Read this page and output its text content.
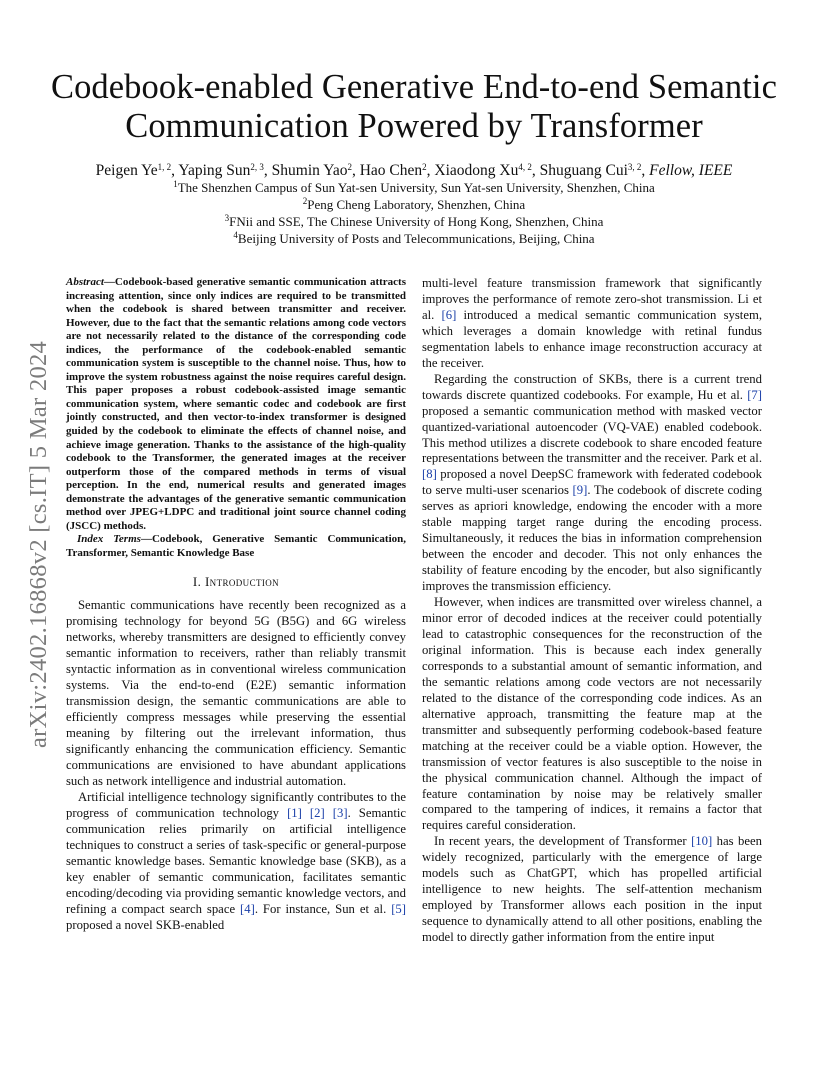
arXiv:2402.16868v2 [cs.IT] 5 Mar 2024
Codebook-enabled Generative End-to-end Semantic
Communication Powered by Transformer
Peigen Ye$^{1, 2}$, Yaping Sun$^{2, 3}$, Shumin Yao$^2$, Hao Chen$^2$, Xiaodong Xu$^{4, 2}$, Shuguang Cui$^{3, 2}$, Fellow, IEEE
$^1$The Shenzhen Campus of Sun Yat-sen University, Sun Yat-sen University, Shenzhen, China
$^2$Peng Cheng Laboratory, Shenzhen, China
$^3$FNii and SSE, The Chinese University of Hong Kong, Shenzhen, China
$^4$Beijing University of Posts and Telecommunications, Beijing, China

Abstract—Codebook-based generative semantic communication attracts increasing attention, since only indices are required to be transmitted when the codebook is shared between transmitter and receiver. However, due to the fact that the semantic relations among code vectors are not necessarily related to the distance of the corresponding code indices, the performance of the codebook-enabled semantic communication system is susceptible to the channel noise. Thus, how to improve the system robustness against the noise requires careful design. This paper proposes a robust codebook-assisted image semantic communication system, where semantic codec and codebook are first jointly constructed, and then vector-to-index transformer is designed guided by the codebook to eliminate the effects of channel noise, and achieve image generation. Thanks to the assistance of the high-quality codebook to the Transformer, the generated images at the receiver outperform those of the compared methods in terms of visual perception. In the end, numerical results and generated images demonstrate the advantages of the generative semantic communication method over JPEG+LDPC and traditional joint source channel coding (JSCC) methods.

Index Terms—Codebook, Generative Semantic Communication, Transformer, Semantic Knowledge Base

I. Introduction

Semantic communications have recently been recognized as a promising technology for beyond 5G (B5G) and 6G wireless networks, whereby transmitters are designed to efficiently convey semantic information to receivers, rather than reliably transmit syntactic information as in conventional wireless communication systems. Via the end-to-end (E2E) semantic information transmission design, the semantic communications are able to efficiently compress messages while preserving the essential meaning by filtering out the irrelevant information, thus significantly enhancing the communication efficiency. Semantic communications are envisioned to have abundant applications such as network intelligence and industrial automation.

Artificial intelligence technology significantly contributes to the progress of communication technology [1] [2] [3]. Semantic communication relies primarily on artificial intelligence techniques to construct a series of task-specific or general-purpose semantic knowledge bases. Semantic knowledge base (SKB), as a key enabler of semantic communication, facilitates semantic encoding/decoding via providing semantic knowledge vectors, and refining a compact search space [4]. For instance, Sun et al. [5] proposed a novel SKB-enabled

multi-level feature transmission framework that significantly improves the performance of remote zero-shot transmission. Li et al. [6] introduced a medical semantic communication system, which leverages a domain knowledge with retinal fundus segmentation labels to enhance image reconstruction accuracy at the receiver.

Regarding the construction of SKBs, there is a current trend towards discrete quantized codebooks. For example, Hu et al. [7] proposed a semantic communication method with masked vector quantized-variational autoencoder (VQ-VAE) enabled codebook. This method utilizes a discrete codebook to share encoded feature representations between the transmitter and the receiver. Park et al. [8] proposed a novel DeepSC framework with federated codebook to serve multi-user scenarios [9]. The codebook of discrete coding serves as apriori knowledge, endowing the encoder with a more stable mapping target range during the encoding process. Simultaneously, it reduces the bias in information comprehension between the encoder and decoder. This not only enhances the stability of feature encoding by the encoder, but also significantly improves the transmission efficiency.

However, when indices are transmitted over wireless channel, a minor error of decoded indices at the receiver could potentially lead to catastrophic consequences for the reconstruction of the original information. This is because each index generally corresponds to a substantial amount of semantic information, and the semantic relations among code vectors are not necessarily related to the distance of the corresponding code indices. As an alternative approach, transmitting the feature map at the transmitter and subsequently performing codebook-based feature matching at the receiver could be a viable option. However, the transmission of vector features is also susceptible to the noise in the physical communication channel. Although the impact of feature contamination by noise may be relatively smaller compared to the tampering of indices, it remains a factor that requires careful consideration.

In recent years, the development of Transformer [10] has been widely recognized, particularly with the emergence of large models such as ChatGPT, which has propelled artificial intelligence to new heights. The self-attention mechanism employed by Transformer allows each position in the input sequence to dynamically attend to all other positions, enabling the model to directly gather information from the entire input
